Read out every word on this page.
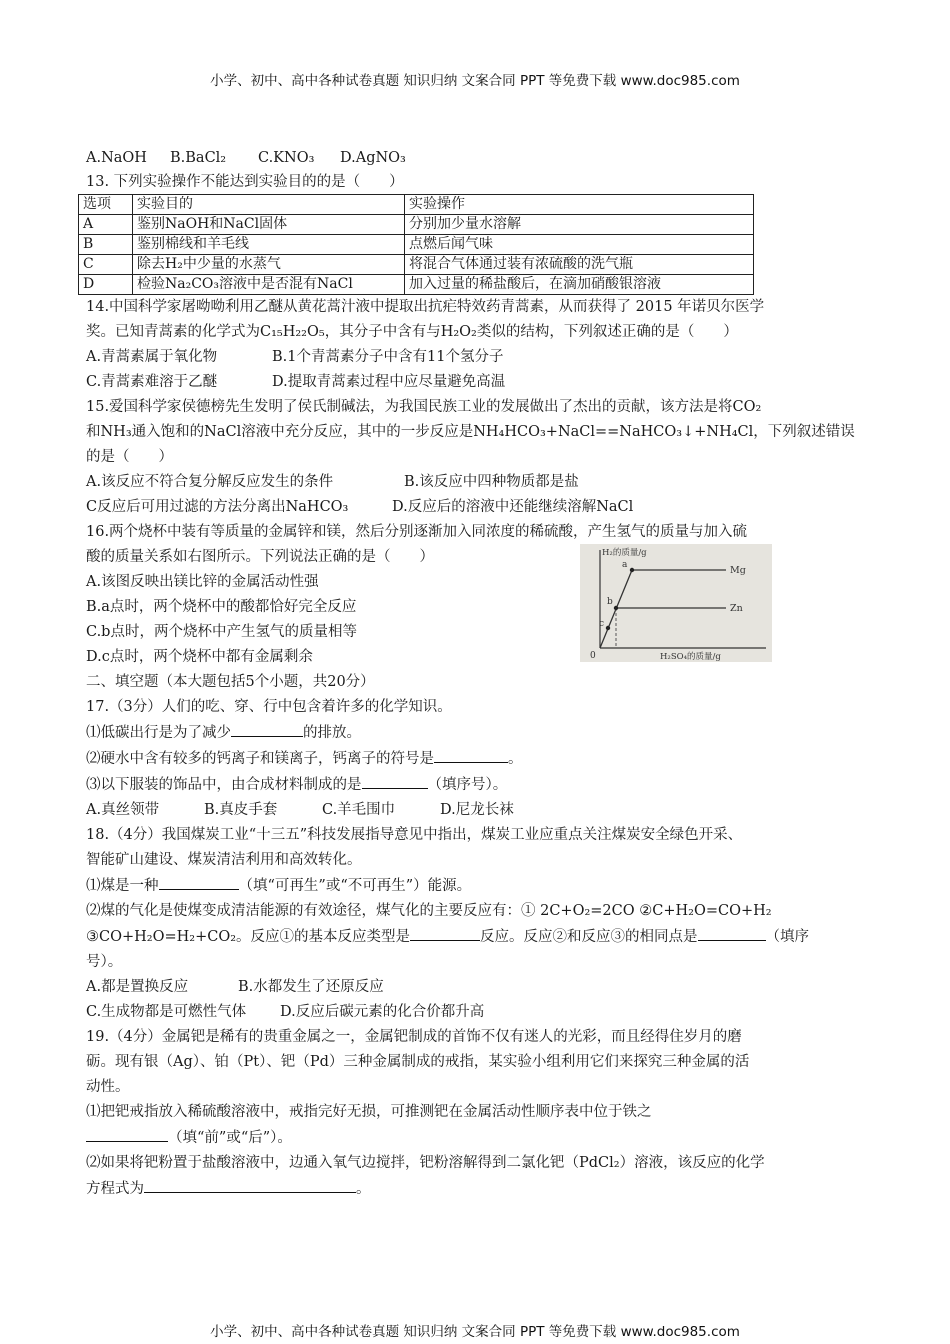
小学、初中、高中各种试卷真题 知识归纳 文案合同 PPT 等免费下载 www.doc985.com
A.NaOH B.BaCl₂ C.KNO₃ D.AgNO₃
13. 下列实验操作不能达到实验目的的是（　　）
选项	实验目的	实验操作
A	鉴别NaOH和NaCl固体	分别加少量水溶解
B	鉴别棉线和羊毛线	点燃后闻气味
C	除去H₂中少量的水蒸气	将混合气体通过装有浓硫酸的洗气瓶
D	检验Na₂CO₃溶液中是否混有NaCl	加入过量的稀盐酸后，在滴加硝酸银溶液
14.中国科学家屠呦呦利用乙醚从黄花蒿汁液中提取出抗疟特效药青蒿素，从而获得了 2015 年诺贝尔医学
奖。已知青蒿素的化学式为C₁₅H₂₂O₅，其分子中含有与H₂O₂类似的结构，下列叙述正确的是（　　）
A.青蒿素属于氧化物	B.1个青蒿素分子中含有11个氢分子
C.青蒿素难溶于乙醚	D.提取青蒿素过程中应尽量避免高温
15.爱国科学家侯德榜先生发明了侯氏制碱法，为我国民族工业的发展做出了杰出的贡献，该方法是将CO₂
和NH₃通入饱和的NaCl溶液中充分反应，其中的一步反应是NH₄HCO₃+NaCl==NaHCO₃↓+NH₄Cl，下列叙述错误
的是（　　）
A.该反应不符合复分解反应发生的条件	B.该反应中四种物质都是盐
C反应后可用过滤的方法分离出NaHCO₃	D.反应后的溶液中还能继续溶解NaCl
16.两个烧杯中装有等质量的金属锌和镁，然后分别逐渐加入同浓度的稀硫酸，产生氢气的质量与加入硫
酸的质量关系如右图所示。下列说法正确的是（　　）
A.该图反映出镁比锌的金属活动性强
B.a点时，两个烧杯中的酸都恰好完全反应
C.b点时，两个烧杯中产生氢气的质量相等
D.c点时，两个烧杯中都有金属剩余
二、填空题（本大题包括5个小题，共20分）
17.（3分）人们的吃、穿、行中包含着许多的化学知识。
⑴低碳出行是为了减少	的排放。
⑵硬水中含有较多的钙离子和镁离子，钙离子的符号是	。
⑶以下服装的饰品中，由合成材料制成的是	（填序号）。
A.真丝领带	B.真皮手套	C.羊毛围巾	D.尼龙长袜
18.（4分）我国煤炭工业“十三五”科技发展指导意见中指出，煤炭工业应重点关注煤炭安全绿色开采、
智能矿山建设、煤炭清洁利用和高效转化。
⑴煤是一种	（填“可再生”或“不可再生”）能源。
⑵煤的气化是使煤变成清洁能源的有效途径，煤气化的主要反应有：① 2C+O₂=2CO ②C+H₂O=CO+H₂
③CO+H₂O=H₂+CO₂。反应①的基本反应类型是	反应。反应②和反应③的相同点是	（填序
号）。
A.都是置换反应	B.水都发生了还原反应
C.生成物都是可燃性气体 D.反应后碳元素的化合价都升高
19.（4分）金属钯是稀有的贵重金属之一，金属钯制成的首饰不仅有迷人的光彩，而且经得住岁月的磨
砺。现有银（Ag）、铂（Pt）、钯（Pd）三种金属制成的戒指，某实验小组利用它们来探究三种金属的活
动性。
⑴把钯戒指放入稀硫酸溶液中，戒指完好无损，可推测钯在金属活动性顺序表中位于铁之
（填“前”或“后”）。
⑵如果将钯粉置于盐酸溶液中，边通入氧气边搅拌，钯粉溶解得到二氯化钯（PdCl₂）溶液，该反应的化学
方程式为	。
H₂的质量/g
H₂SO₄的质量/g
0
Mg
Zn
a
b
c
小学、初中、高中各种试卷真题 知识归纳 文案合同 PPT 等免费下载 www.doc985.com
